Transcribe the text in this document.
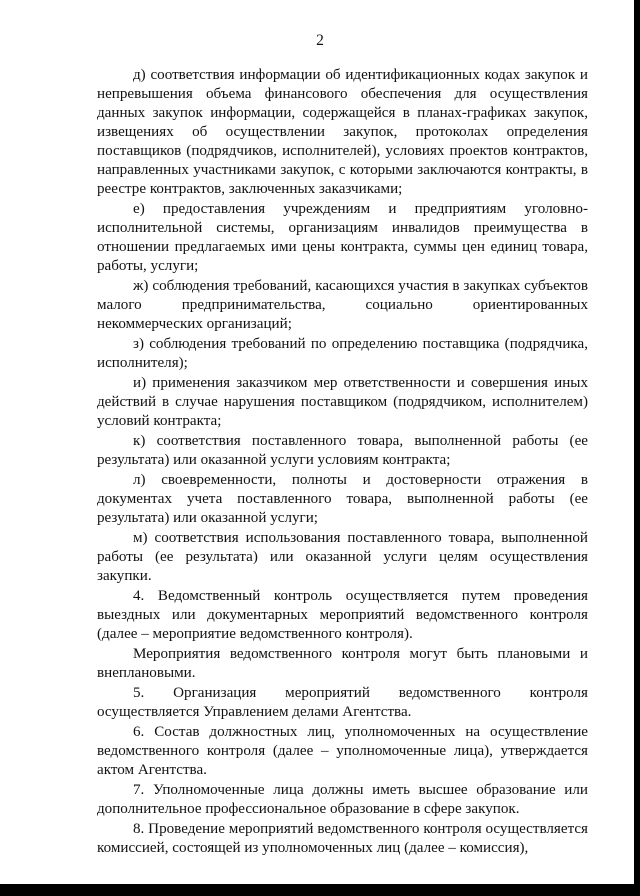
2

д) соответствия информации об идентификационных кодах закупок и непревышения объема финансового обеспечения для осуществления данных закупок информации, содержащейся в планах-графиках закупок, извещениях об осуществлении закупок, протоколах определения поставщиков (подрядчиков, исполнителей), условиях проектов контрактов, направленных участниками закупок, с которыми заключаются контракты, в реестре контрактов, заключенных заказчиками;

е) предоставления учреждениям и предприятиям уголовно-исполнительной системы, организациям инвалидов преимущества в отношении предлагаемых ими цены контракта, суммы цен единиц товара, работы, услуги;

ж) соблюдения требований, касающихся участия в закупках субъектов малого предпринимательства, социально ориентированных некоммерческих организаций;

з) соблюдения требований по определению поставщика (подрядчика, исполнителя);

и) применения заказчиком мер ответственности и совершения иных действий в случае нарушения поставщиком (подрядчиком, исполнителем) условий контракта;

к) соответствия поставленного товара, выполненной работы (ее результата) или оказанной услуги условиям контракта;

л) своевременности, полноты и достоверности отражения в документах учета поставленного товара, выполненной работы (ее результата) или оказанной услуги;

м) соответствия использования поставленного товара, выполненной работы (ее результата) или оказанной услуги целям осуществления закупки.

4. Ведомственный контроль осуществляется путем проведения выездных или документарных мероприятий ведомственного контроля (далее – мероприятие ведомственного контроля).

Мероприятия ведомственного контроля могут быть плановыми и внеплановыми.

5. Организация мероприятий ведомственного контроля осуществляется Управлением делами Агентства.

6. Состав должностных лиц, уполномоченных на осуществление ведомственного контроля (далее – уполномоченные лица), утверждается актом Агентства.

7. Уполномоченные лица должны иметь высшее образование или дополнительное профессиональное образование в сфере закупок.

8. Проведение мероприятий ведомственного контроля осуществляется комиссией, состоящей из уполномоченных лиц (далее – комиссия),
